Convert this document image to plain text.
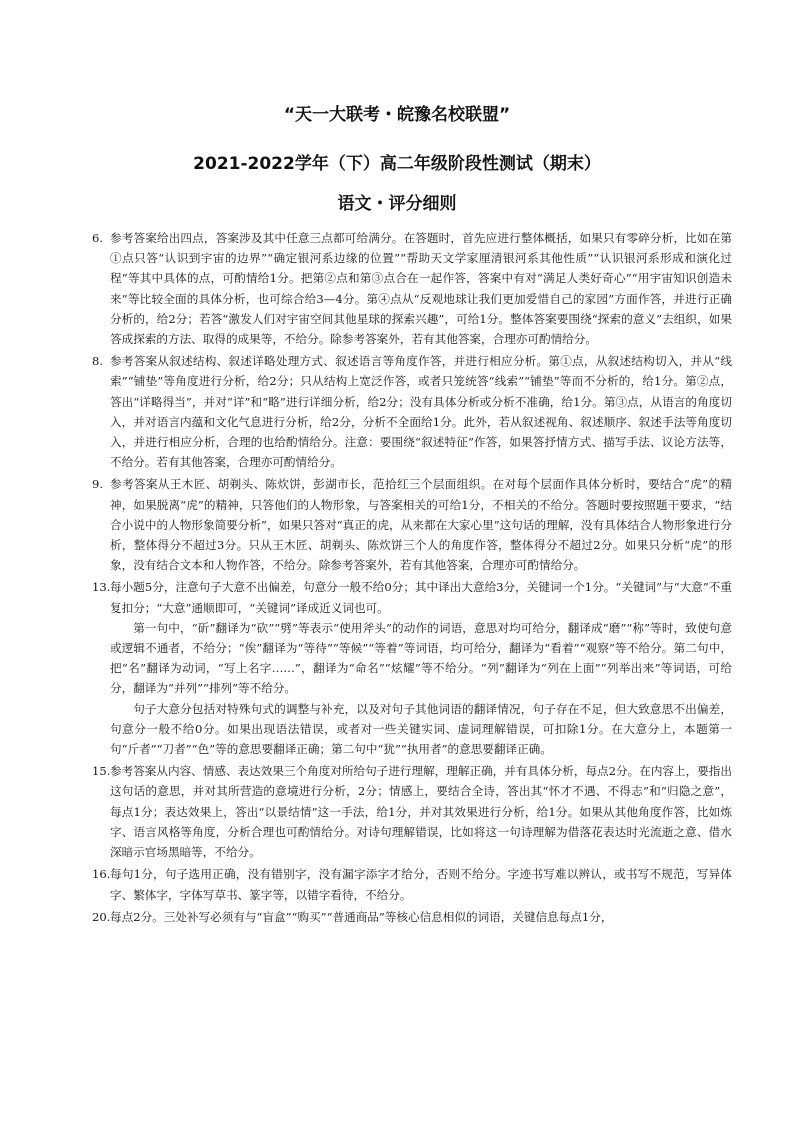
“天一大联考・皖豫名校联盟”
2021-2022学年（下）高二年级阶段性测试（期末）
语文・评分细则
6. 参考答案给出四点，答案涉及其中任意三点都可给满分。在答题时，首先应进行整体概括，如果只有零碎分析，比如在第①点只答“认识到宇宙的边界”“确定银河系边缘的位置”“帮助天文学家厘清银河系其他性质”“认识银河系形成和演化过程”等其中具体的点，可酌情给1分。把第②点和第③点合在一起作答，答案中有对“满足人类好奇心”“用宇宙知识创造未来”等比较全面的具体分析，也可综合给3—4分。第④点从“反观地球让我们更加爱惜自己的家园”方面作答，并进行正确分析的，给2分；若答“激发人们对宇宙空间其他星球的探索兴趣”，可给1分。整体答案要围绕“探索的意义”去组织，如果答成探索的方法、取得的成果等，不给分。除参考答案外，若有其他答案，合理亦可酌情给分。

8. 参考答案从叙述结构、叙述详略处理方式、叙述语言等角度作答，并进行相应分析。第①点，从叙述结构切入，并从“线索”“铺垫”等角度进行分析，给2分；只从结构上宽泛作答，或者只笼统答“线索”“铺垫”等而不分析的，给1分。第②点，答出“详略得当”，并对“详”和“略”进行详细分析，给2分；没有具体分析或分析不准确，给1分。第③点，从语言的角度切入，并对语言内蕴和文化气息进行分析，给2分，分析不全面给1分。此外，若从叙述视角、叙述顺序、叙述手法等角度切入，并进行相应分析，合理的也给酌情给分。注意：要围绕“叙述特征”作答，如果答抒情方式、描写手法、议论方法等，不给分。若有其他答案，合理亦可酌情给分。

9. 参考答案从王木匠、胡剃头、陈炊饼，彭湖市长，范拾红三个层面组织。在对每个层面作具体分析时，要结合“虎”的精神，如果脱离“虎”的精神，只答他们的人物形象，与答案相关的可给1分，不相关的不给分。答题时要按照题干要求，“结合小说中的人物形象简要分析”，如果只答对“真正的虎，从来都在大家心里”这句话的理解，没有具体结合人物形象进行分析，整体得分不超过3分。只从王木匠、胡剃头、陈炊饼三个人的角度作答，整体得分不超过2分。如果只分析“虎”的形象，没有结合文本和人物作答，不给分。除参考答案外，若有其他答案，合理亦可酌情给分。

13. 每小题5分，注意句子大意不出偏差，句意分一般不给0分；其中译出大意给3分，关键词一个1分。“关键词”与“大意”不重复扣分；“大意”通顺即可，“关键词”译成近义词也可。

第一句中，“斫”翻译为“砍”“劈”等表示“使用斧头”的动作的词语，意思对均可给分，翻译成“磨”“称”等时，致使句意或逻辑不通者，不给分；“俟”翻译为“等待”“等候”“等着”等词语，均可给分，翻译为“看着”“观察”等不给分。第二句中，把“名”翻译为动词，“写上名字……”，翻译为“命名”“炫耀”等不给分。“列”翻译为“列在上面”“列举出来”等词语，可给分，翻译为“并列”“排列”等不给分。

句子大意分包括对特殊句式的调整与补充，以及对句子其他词语的翻译情况，句子存在不足，但大致意思不出偏差，句意分一般不给0分。如果出现语法错误，或者对一些关键实词、虚词理解错误，可扣除1分。在大意分上，本题第一句“斤者”“刀者”“色”等的意思要翻译正确；第二句中“犹”“执用者”的意思要翻译正确。

15. 参考答案从内容、情感、表达效果三个角度对所给句子进行理解，理解正确，并有具体分析，每点2分。在内容上，要指出这句话的意思，并对其所营造的意境进行分析，2分；情感上，要结合全诗，答出其“怀才不遇、不得志”和“归隐之意”，每点1分；表达效果上，答出“以景结情”这一手法，给1分，并对其效果进行分析，给1分。如果从其他角度作答，比如炼字、语言风格等角度，分析合理也可酌情给分。对诗句理解错误，比如将这一句诗理解为借落花表达时光流逝之意、借水深暗示官场黑暗等，不给分。

16. 每句1分，句子选用正确，没有错别字，没有漏字添字才给分，否则不给分。字迹书写难以辨认，或书写不规范，写异体字、繁体字，字体写草书、篆字等，以错字看待，不给分。

20. 每点2分。三处补写必须有与“盲盒”“购买”“普通商品”等核心信息相似的词语，关键信息每点1分，
